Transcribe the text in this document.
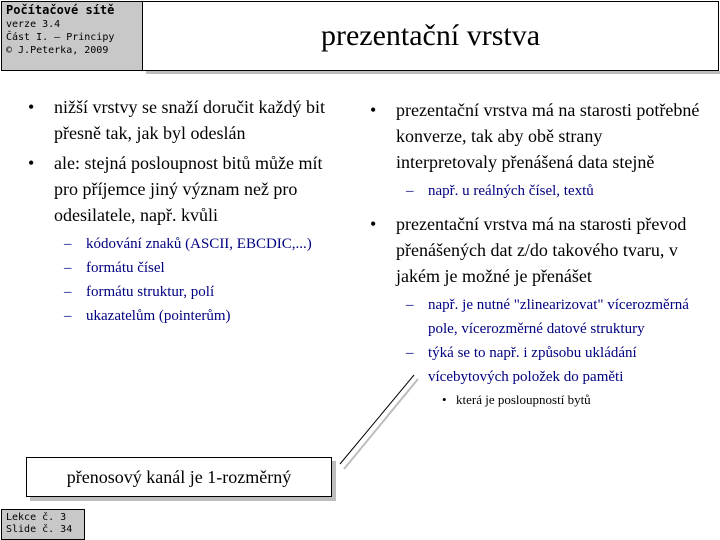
Počítačové sítě
verze 3.4
Část I. – Principy
© J.Peterka, 2009	prezentační vrstva
• nižší vrstvy se snaží doručit každý bit přesně tak, jak byl odeslán
• ale: stejná posloupnost bitů může mít pro příjemce jiný význam než pro odesilatele, např. kvůli
– kódování znaků (ASCII, EBCDIC,...)
– formátu čísel
– formátu struktur, polí
– ukazatelům (pointerům)
• prezentační vrstva má na starosti potřebné konverze, tak aby obě strany interpretovaly přenášená data stejně
– např. u reálných čísel, textů
• prezentační vrstva má na starosti převod přenášených dat z/do takového tvaru, v jakém je možné je přenášet
– např. je nutné "zlinearizovat" vícerozměrná pole, vícerozměrné datové struktury
– týká se to např. i způsobu ukládání vícebytových položek do paměti
• která je posloupností bytů
přenosový kanál je 1-rozměrný
Lekce č. 3
Slide č. 34
